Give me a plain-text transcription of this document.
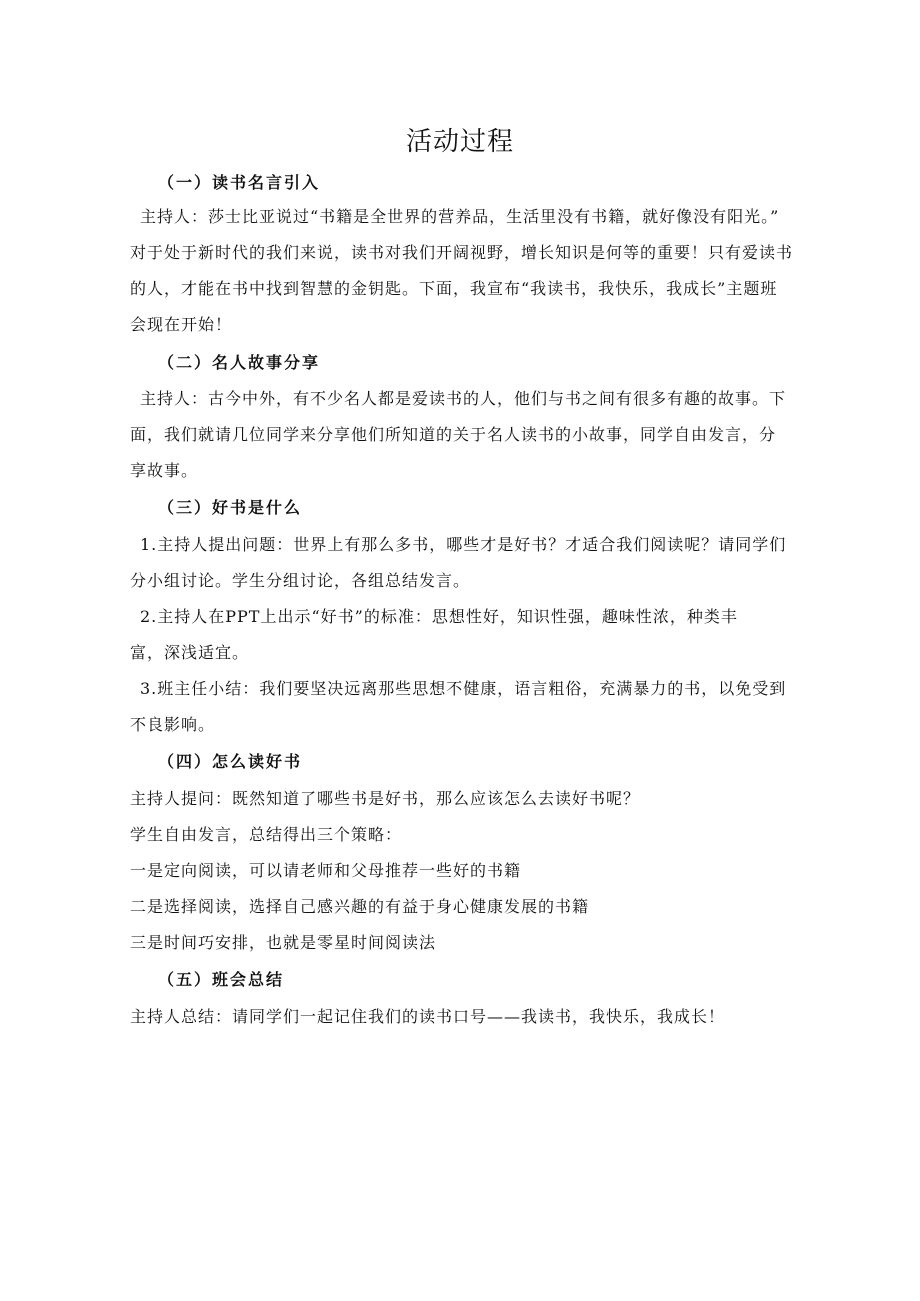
活动过程
（一）读书名言引入
主持人：莎士比亚说过“书籍是全世界的营养品，生活里没有书籍，就好像没有阳光。”
对于处于新时代的我们来说，读书对我们开阔视野，增长知识是何等的重要！只有爱读书
的人，才能在书中找到智慧的金钥匙。下面，我宣布“我读书，我快乐，我成长”主题班
会现在开始！
（二）名人故事分享
主持人：古今中外，有不少名人都是爱读书的人，他们与书之间有很多有趣的故事。下
面，我们就请几位同学来分享他们所知道的关于名人读书的小故事，同学自由发言，分
享故事。
（三）好书是什么
1.主持人提出问题：世界上有那么多书，哪些才是好书？才适合我们阅读呢？请同学们
分小组讨论。学生分组讨论，各组总结发言。
2.主持人在PPT上出示“好书”的标准：思想性好，知识性强，趣味性浓，种类丰
富，深浅适宜。
3.班主任小结：我们要坚决远离那些思想不健康，语言粗俗，充满暴力的书，以免受到
不良影响。
（四）怎么读好书
主持人提问：既然知道了哪些书是好书，那么应该怎么去读好书呢？
学生自由发言，总结得出三个策略：
一是定向阅读，可以请老师和父母推荐一些好的书籍
二是选择阅读，选择自己感兴趣的有益于身心健康发展的书籍
三是时间巧安排，也就是零星时间阅读法
（五）班会总结
主持人总结：请同学们一起记住我们的读书口号——我读书，我快乐，我成长！
